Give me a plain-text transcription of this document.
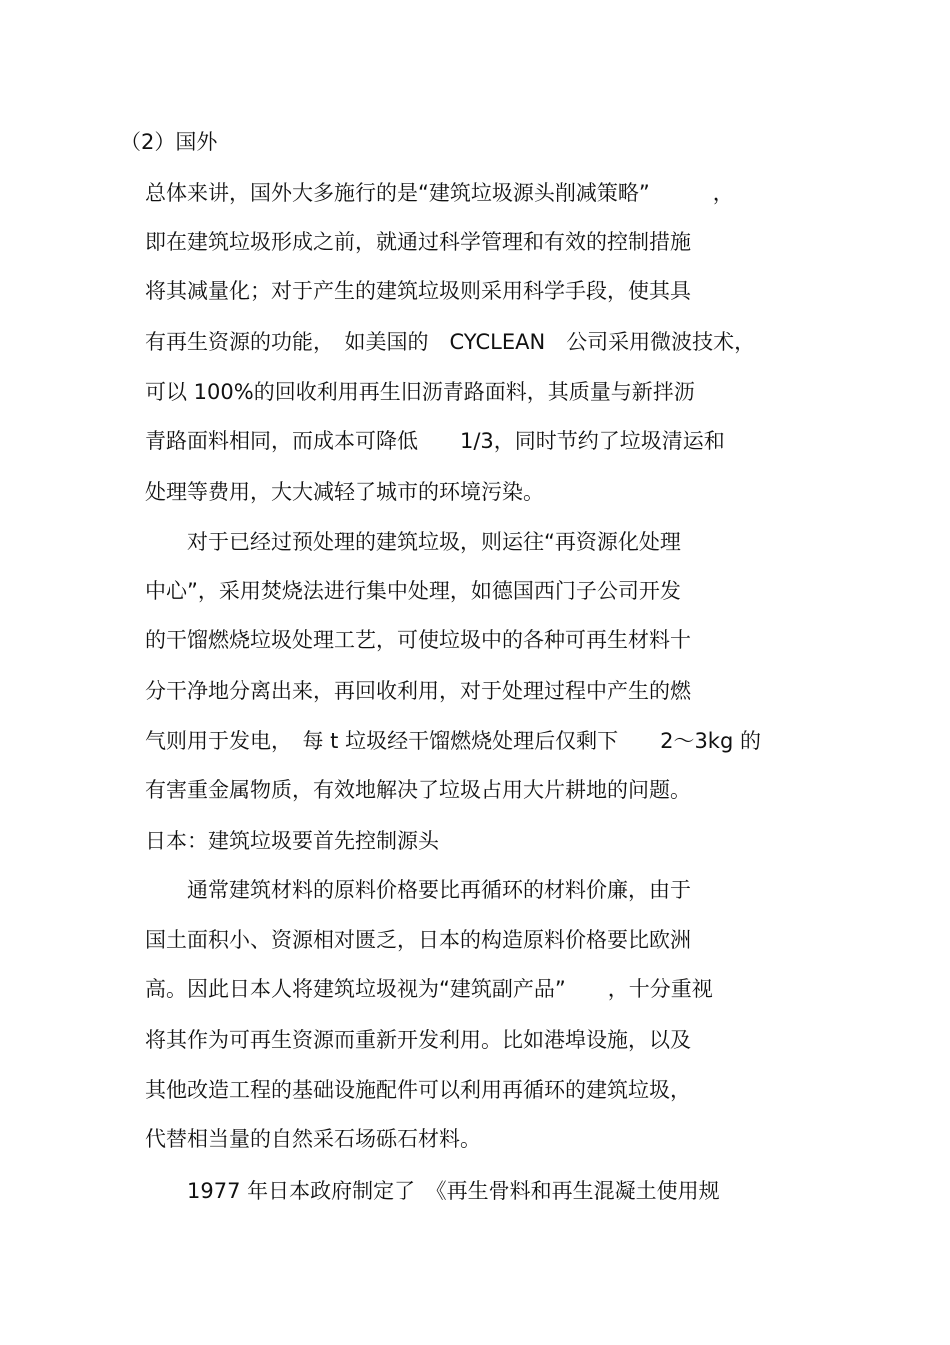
（2）国外
总体来讲，国外大多施行的是“建筑垃圾源头削减策略”　　　，
即在建筑垃圾形成之前，就通过科学管理和有效的控制措施
将其减量化；对于产生的建筑垃圾则采用科学手段，使其具
有再生资源的功能，　如美国的　CYCLEAN　公司采用微波技术，
可以 100%的回收利用再生旧沥青路面料，其质量与新拌沥
青路面料相同，而成本可降低　　1/3，同时节约了垃圾清运和
处理等费用，大大减轻了城市的环境污染。
　　对于已经过预处理的建筑垃圾，则运往“再资源化处理
中心”，采用焚烧法进行集中处理，如德国西门子公司开发
的干馏燃烧垃圾处理工艺，可使垃圾中的各种可再生材料十
分干净地分离出来，再回收利用，对于处理过程中产生的燃
气则用于发电，　每 t 垃圾经干馏燃烧处理后仅剩下　　2～3kg 的
有害重金属物质，有效地解决了垃圾占用大片耕地的问题。
日本：建筑垃圾要首先控制源头
　　通常建筑材料的原料价格要比再循环的材料价廉，由于
国土面积小、资源相对匮乏，日本的构造原料价格要比欧洲
高。因此日本人将建筑垃圾视为“建筑副产品”　　，十分重视
将其作为可再生资源而重新开发利用。比如港埠设施，以及
其他改造工程的基础设施配件可以利用再循环的建筑垃圾，
代替相当量的自然采石场砾石材料。
　　1977 年日本政府制定了　《再生骨料和再生混凝土使用规
